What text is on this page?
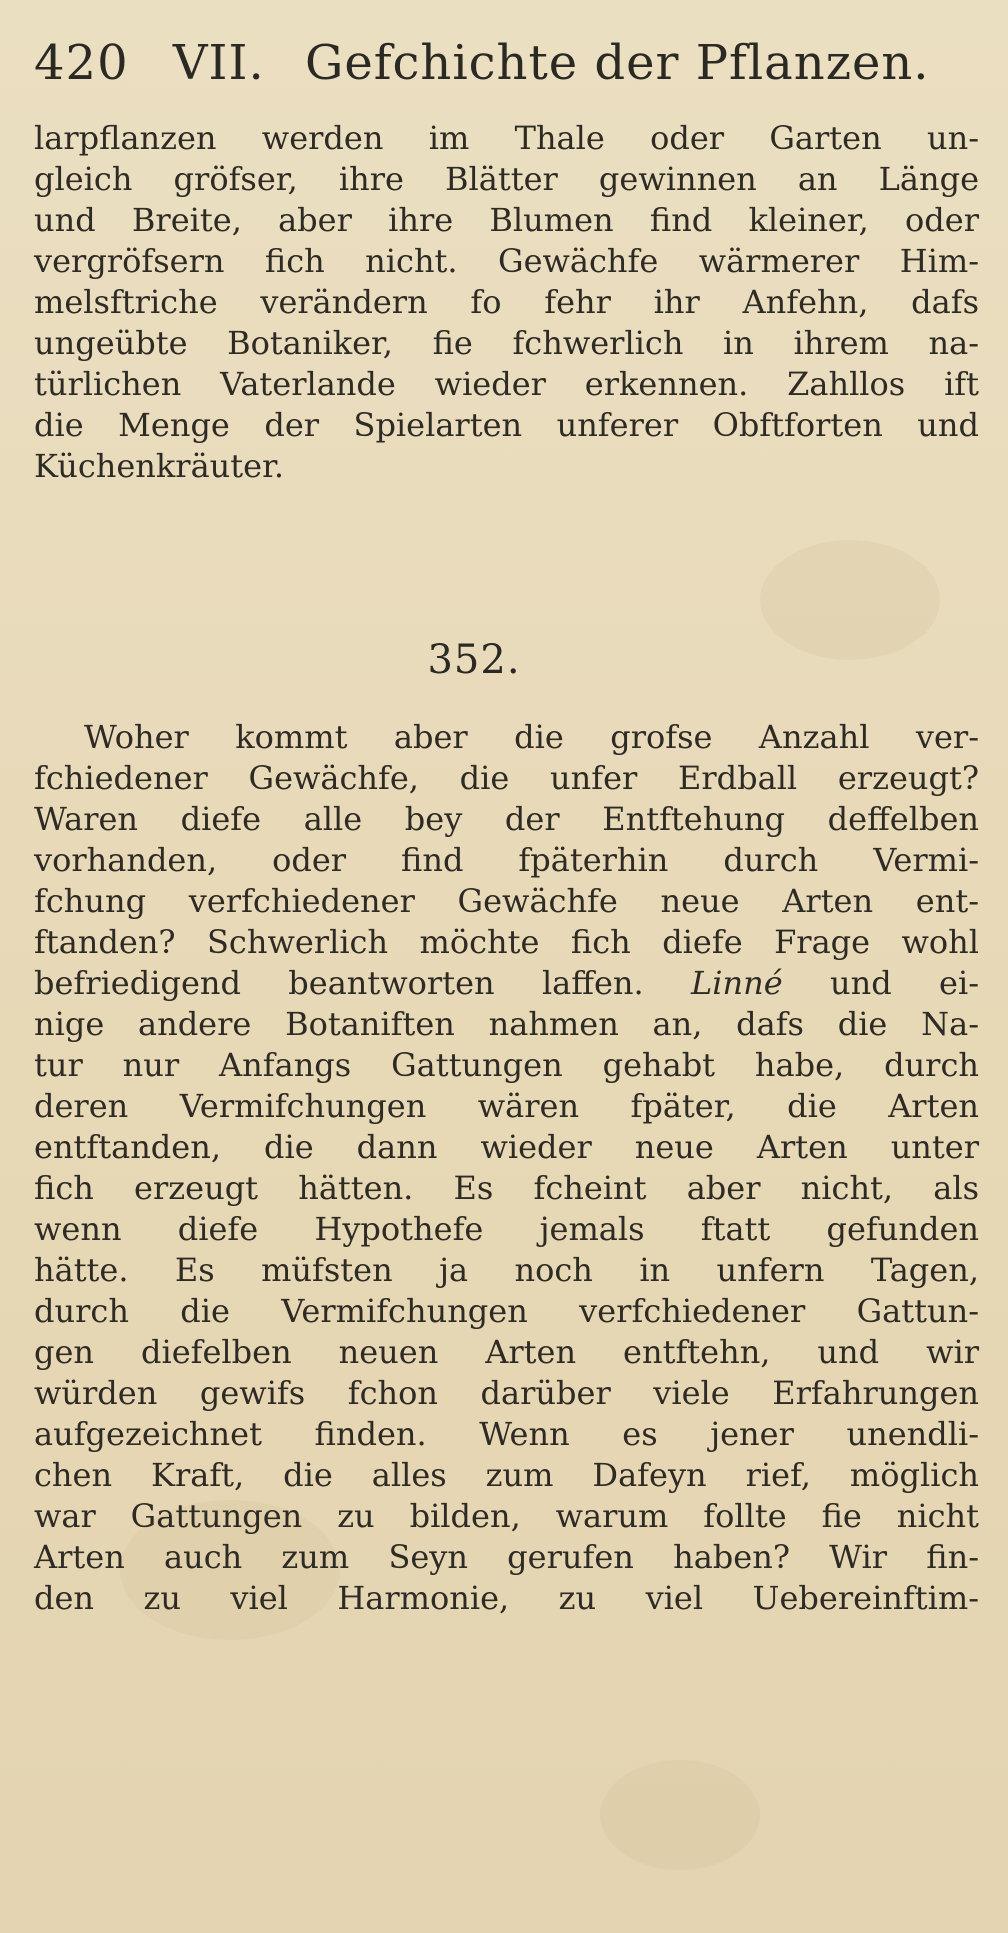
420 VII. Gefchichte der Pflanzen.
larpflanzen werden im Thale oder Garten un-
gleich gröfser, ihre Blätter gewinnen an Länge
und Breite, aber ihre Blumen find kleiner, oder
vergröfsern fich nicht. Gewächfe wärmerer Him-
melsftriche verändern fo fehr ihr Anfehn, dafs
ungeübte Botaniker, fie fchwerlich in ihrem na-
türlichen Vaterlande wieder erkennen. Zahllos ift
die Menge der Spielarten unferer Obftforten und
Küchenkräuter.
352.
Woher kommt aber die grofse Anzahl ver-
fchiedener Gewächfe, die unfer Erdball erzeugt?
Waren diefe alle bey der Entftehung deffelben
vorhanden, oder find fpäterhin durch Vermi-
fchung verfchiedener Gewächfe neue Arten ent-
ftanden? Schwerlich möchte fich diefe Frage wohl
befriedigend beantworten laffen. Linné und ei-
nige andere Botaniften nahmen an, dafs die Na-
tur nur Anfangs Gattungen gehabt habe, durch
deren Vermifchungen wären fpäter, die Arten
entftanden, die dann wieder neue Arten unter
fich erzeugt hätten. Es fcheint aber nicht, als
wenn diefe Hypothefe jemals ftatt gefunden
hätte. Es müfsten ja noch in unfern Tagen,
durch die Vermifchungen verfchiedener Gattun-
gen diefelben neuen Arten entftehn, und wir
würden gewifs fchon darüber viele Erfahrungen
aufgezeichnet finden. Wenn es jener unendli-
chen Kraft, die alles zum Dafeyn rief, möglich
war Gattungen zu bilden, warum follte fie nicht
Arten auch zum Seyn gerufen haben? Wir fin-
den zu viel Harmonie, zu viel Uebereinftim-
